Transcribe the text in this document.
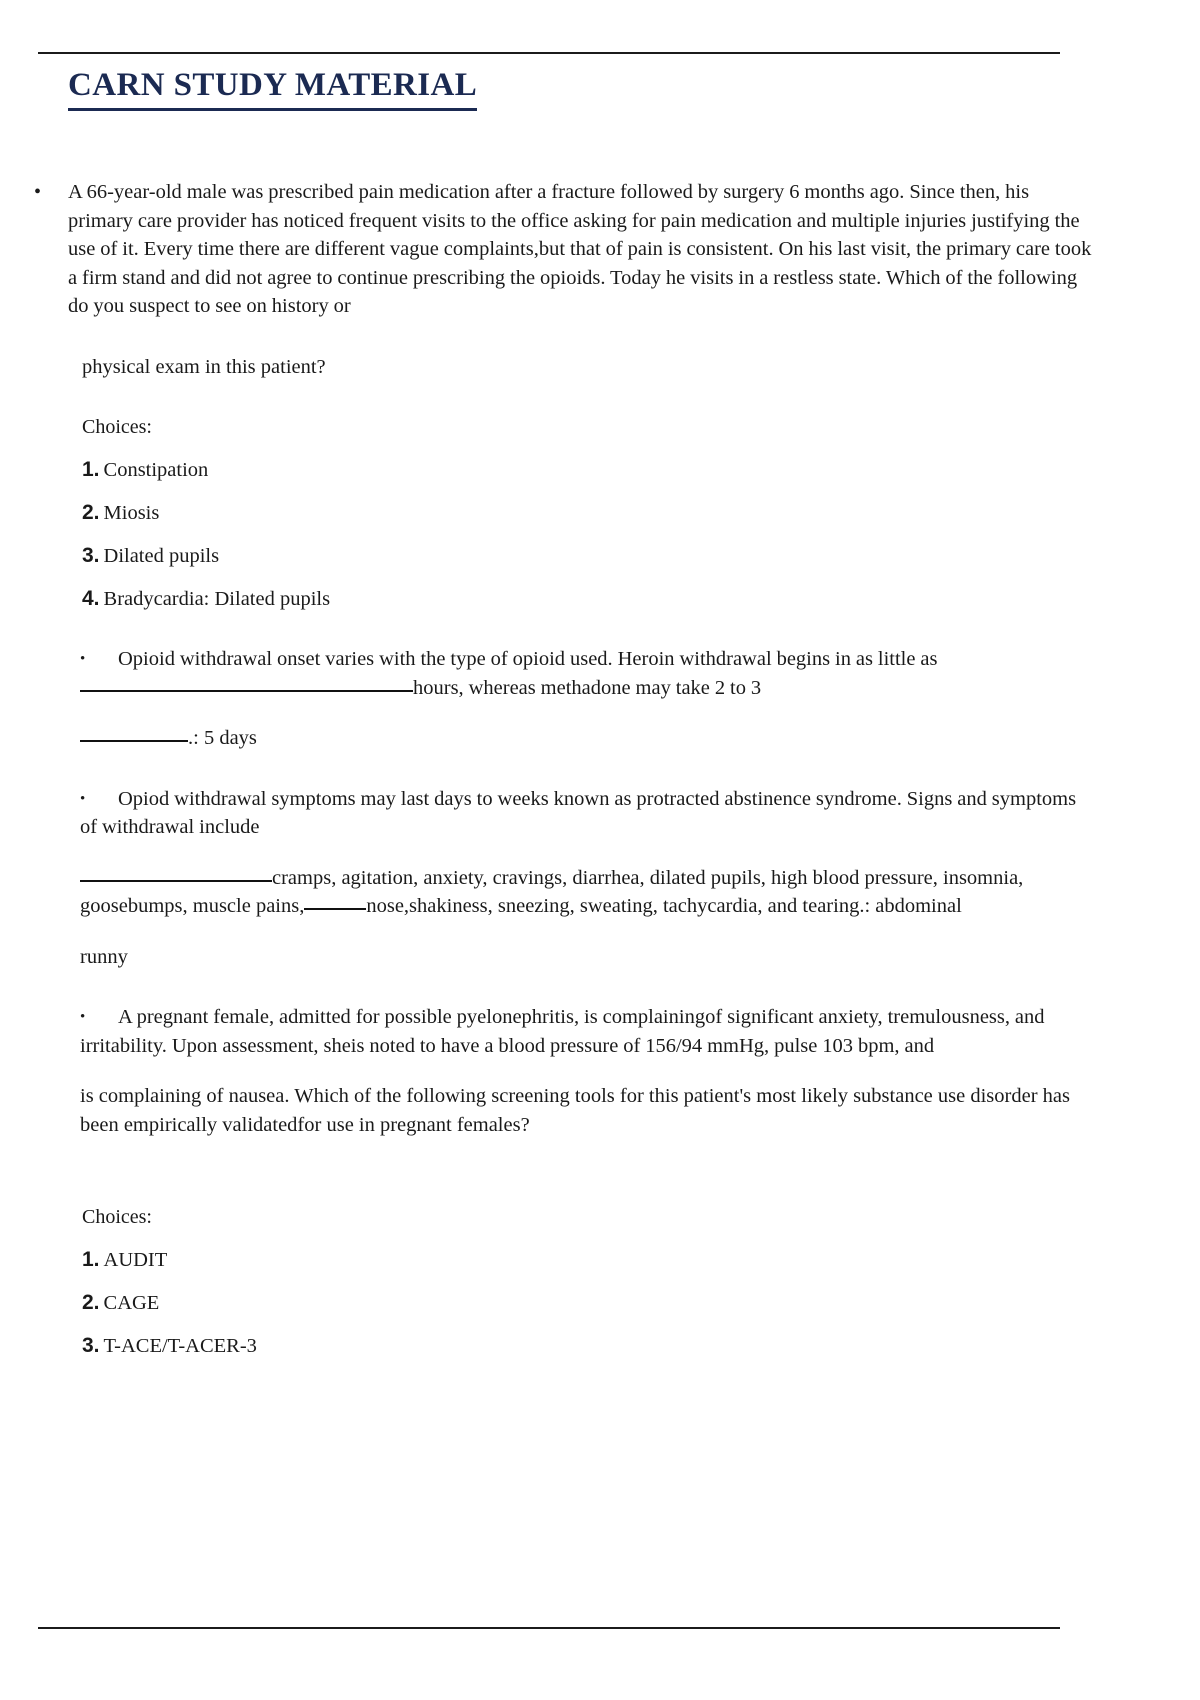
CARN STUDY MATERIAL
• A 66-year-old male was prescribed pain medication after a fracture followed by surgery 6 months ago. Since then, his primary care provider has noticed frequent visits to the office asking for pain medication and multiple injuries justifying the use of it. Every time there are different vague complaints,but that of pain is consistent. On his last visit, the primary care took a firm stand and did not agree to continue prescribing the opioids. Today he visits in a restless state. Which of the following do you suspect to see on history or

physical exam in this patient?

Choices:

1. Constipation
2. Miosis
3. Dilated pupils
4. Bradycardia: Dilated pupils
•	Opioid withdrawal onset varies with the type of opioid used. Heroin withdrawal begins in as little ashours, whereas methadone may take 2 to 3

.: 5 days

•	Opiod withdrawal symptoms may last days to weeks known as protracted abstinence syndrome. Signs and symptoms of withdrawal include

cramps, agitation, anxiety, cravings, diarrhea, dilated pupils, high blood pressure, insomnia, goosebumps, muscle pains,	nose,shakiness, sneezing, sweating, tachycardia, and tearing.: abdominal

runny

•	A pregnant female, admitted for possible pyelonephritis, is complainingof significant anxiety, tremulousness, and irritability. Upon assessment, sheis noted to have a blood pressure of 156/94 mmHg, pulse 103 bpm, and

is complaining of nausea. Which of the following screening tools for this patient's most likely substance use disorder has been empirically validatedfor use in pregnant females?

Choices:

1. AUDIT
2. CAGE
3. T-ACE/T-ACER-3
